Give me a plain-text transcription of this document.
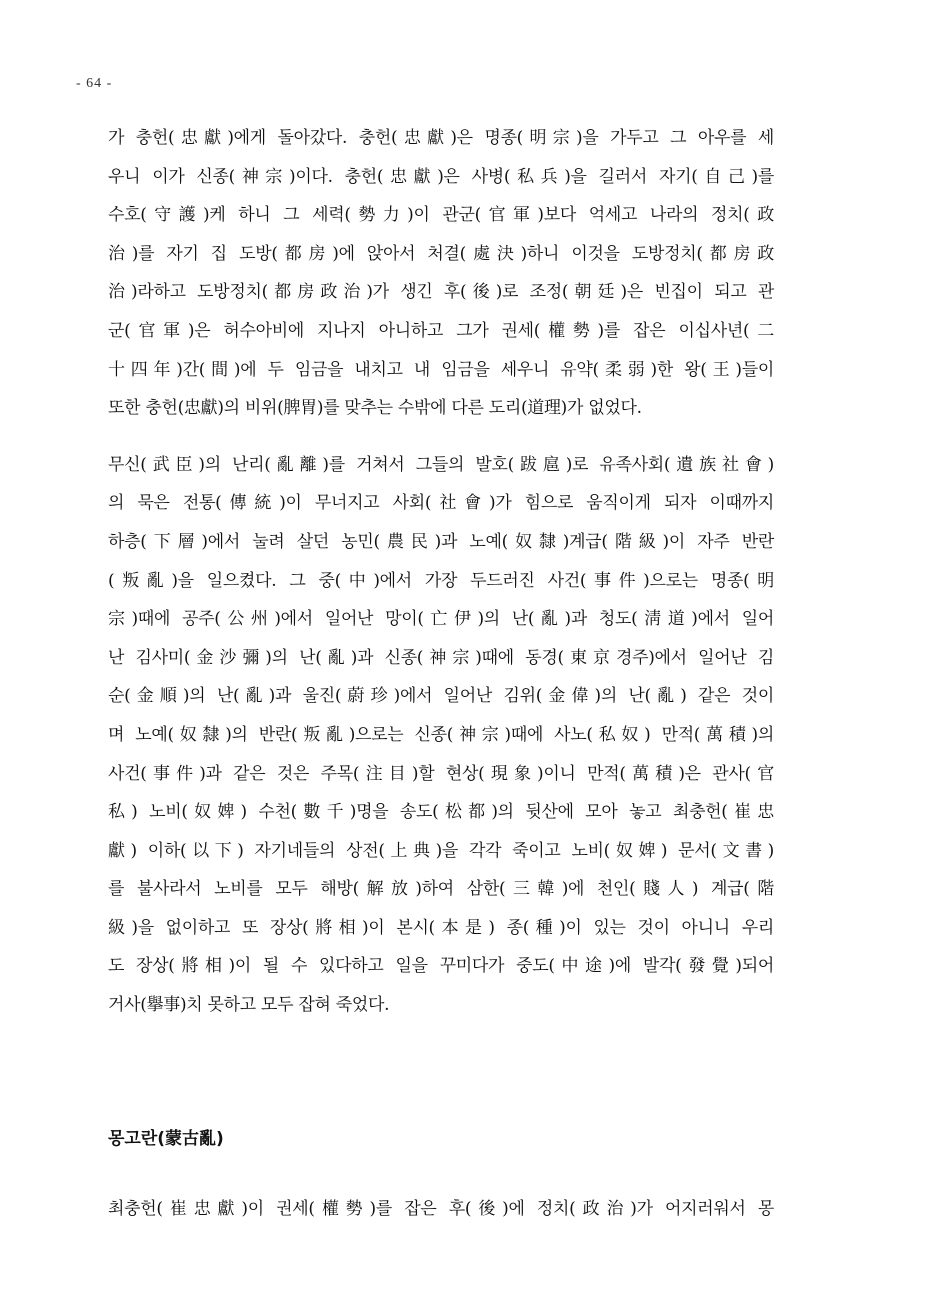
- 64 -

가 충헌(忠獻)에게 돌아갔다. 충헌(忠獻)은 명종(明宗)을 가두고 그 아우를 세
우니 이가 신종(神宗)이다. 충헌(忠獻)은 사병(私兵)을 길러서 자기(自己)를
수호(守護)케 하니 그 세력(勢力)이 관군(官軍)보다 억세고 나라의 정치(政
治)를 자기 집 도방(都房)에 앉아서 처결(處決)하니 이것을 도방정치(都房政
治)라하고 도방정치(都房政治)가 생긴 후(後)로 조정(朝廷)은 빈집이 되고 관
군(官軍)은 허수아비에 지나지 아니하고 그가 권세(權勢)를 잡은 이십사년(二
十四年)간(間)에 두 임금을 내치고 내 임금을 세우니 유약(柔弱)한 왕(王)들이
또한 충헌(忠獻)의 비위(脾胃)를 맞추는 수밖에 다른 도리(道理)가 없었다.

무신(武臣)의 난리(亂離)를 거쳐서 그들의 발호(跋扈)로 유족사회(遺族社會)
의 묵은 전통(傳統)이 무너지고 사회(社會)가 힘으로 움직이게 되자 이때까지
하층(下層)에서 눌려 살던 농민(農民)과 노예(奴隸)계급(階級)이 자주 반란
(叛亂)을 일으켰다. 그 중(中)에서 가장 두드러진 사건(事件)으로는 명종(明
宗)때에 공주(公州)에서 일어난 망이(亡伊)의 난(亂)과 청도(淸道)에서 일어
난 김사미(金沙彌)의 난(亂)과 신종(神宗)때에 동경(東京경주)에서 일어난 김
순(金順)의 난(亂)과 울진(蔚珍)에서 일어난 김위(金偉)의 난(亂) 같은 것이
며 노예(奴隸)의 반란(叛亂)으로는 신종(神宗)때에 사노(私奴) 만적(萬積)의
사건(事件)과 같은 것은 주목(注目)할 현상(現象)이니 만적(萬積)은 관사(官
私) 노비(奴婢) 수천(數千)명을 송도(松都)의 뒷산에 모아 놓고 최충헌(崔忠
獻) 이하(以下) 자기네들의 상전(上典)을 각각 죽이고 노비(奴婢) 문서(文書)
를 불사라서 노비를 모두 해방(解放)하여 삼한(三韓)에 천인(賤人) 계급(階
級)을 없이하고 또 장상(將相)이 본시(本是) 종(種)이 있는 것이 아니니 우리
도 장상(將相)이 될 수 있다하고 일을 꾸미다가 중도(中途)에 발각(發覺)되어
거사(擧事)치 못하고 모두 잡혀 죽었다.

몽고란(蒙古亂)

최충헌(崔忠獻)이 권세(權勢)를 잡은 후(後)에 정치(政治)가 어지러워서 몽
